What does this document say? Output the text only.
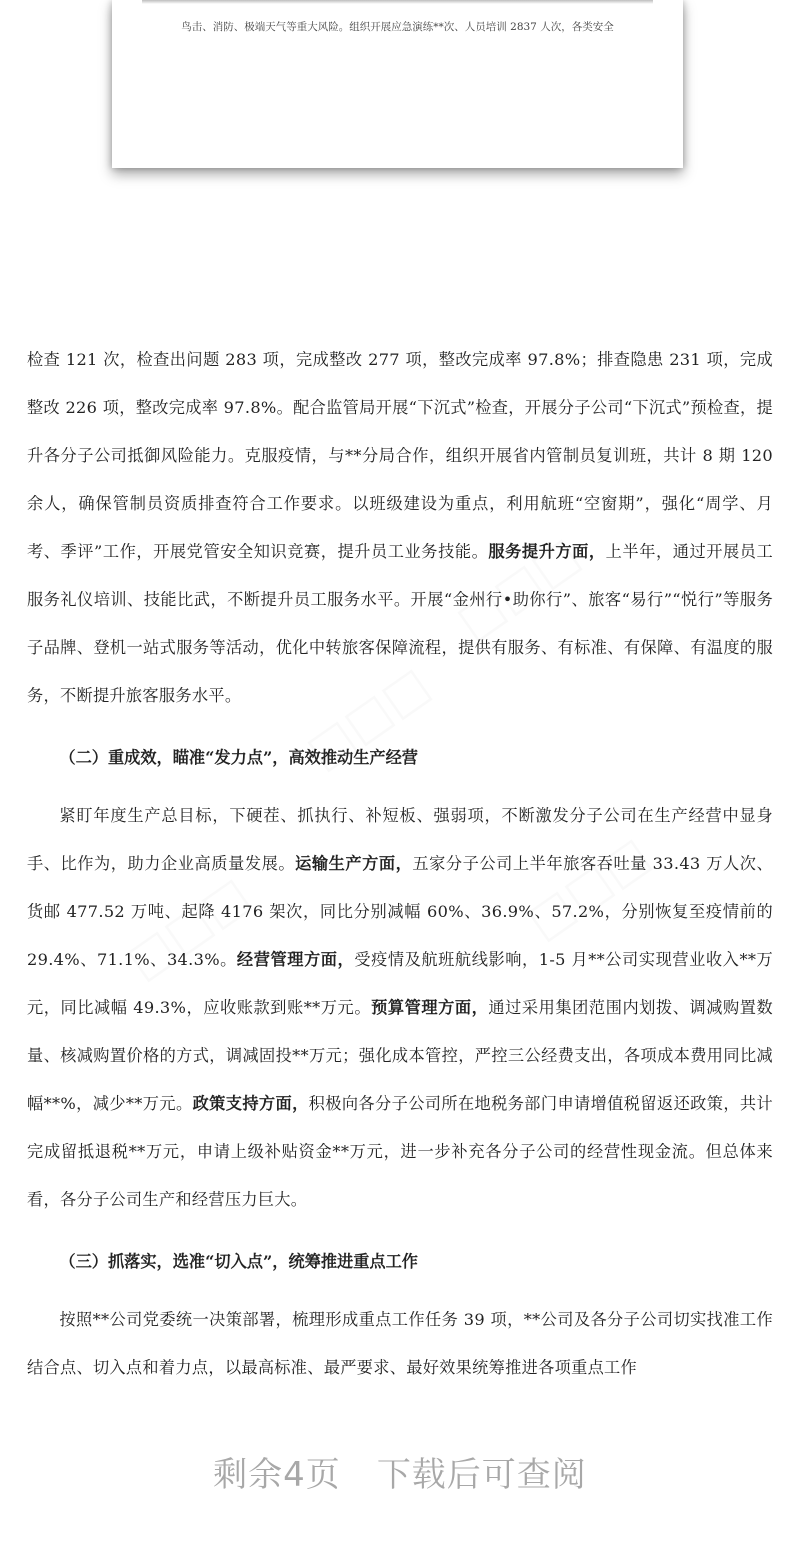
鸟击、消防、极端天气等重大风险。组织开展应急演练**次、人员培训 2837 人次，各类安全

检查 121 次，检查出问题 283 项，完成整改 277 项，整改完成率 97.8%；排查隐患 231 项，完成整改 226 项，整改完成率 97.8%。配合监管局开展“下沉式”检查，开展分子公司“下沉式”预检查，提升各分子公司抵御风险能力。克服疫情，与**分局合作，组织开展省内管制员复训班，共计 8 期 120 余人，确保管制员资质排查符合工作要求。以班级建设为重点，利用航班“空窗期”，强化“周学、月考、季评”工作，开展党管安全知识竞赛，提升员工业务技能。服务提升方面，上半年，通过开展员工服务礼仪培训、技能比武，不断提升员工服务水平。开展“金州行•助你行”、旅客“易行”“悦行”等服务子品牌、登机一站式服务等活动，优化中转旅客保障流程，提供有服务、有标准、有保障、有温度的服务，不断提升旅客服务水平。

（二）重成效，瞄准“发力点”，高效推动生产经营

紧盯年度生产总目标，下硬茬、抓执行、补短板、强弱项，不断激发分子公司在生产经营中显身手、比作为，助力企业高质量发展。运输生产方面，五家分子公司上半年旅客吞吐量 33.43 万人次、货邮 477.52 万吨、起降 4176 架次，同比分别减幅 60%、36.9%、57.2%，分别恢复至疫情前的 29.4%、71.1%、34.3%。经营管理方面，受疫情及航班航线影响，1-5 月**公司实现营业收入**万元，同比减幅 49.3%，应收账款到账**万元。预算管理方面，通过采用集团范围内划拨、调减购置数量、核减购置价格的方式，调减固投**万元；强化成本管控，严控三公经费支出，各项成本费用同比减幅**%，减少**万元。政策支持方面，积极向各分子公司所在地税务部门申请增值税留返还政策，共计完成留抵退税**万元，申请上级补贴资金**万元，进一步补充各分子公司的经营性现金流。但总体来看，各分子公司生产和经营压力巨大。

（三）抓落实，选准“切入点”，统筹推进重点工作

按照**公司党委统一决策部署，梳理形成重点工作任务 39 项，**公司及各分子公司切实找准工作结合点、切入点和着力点，以最高标准、最严要求、最好效果统筹推进各项重点工作

剩余4页 下载后可查阅
